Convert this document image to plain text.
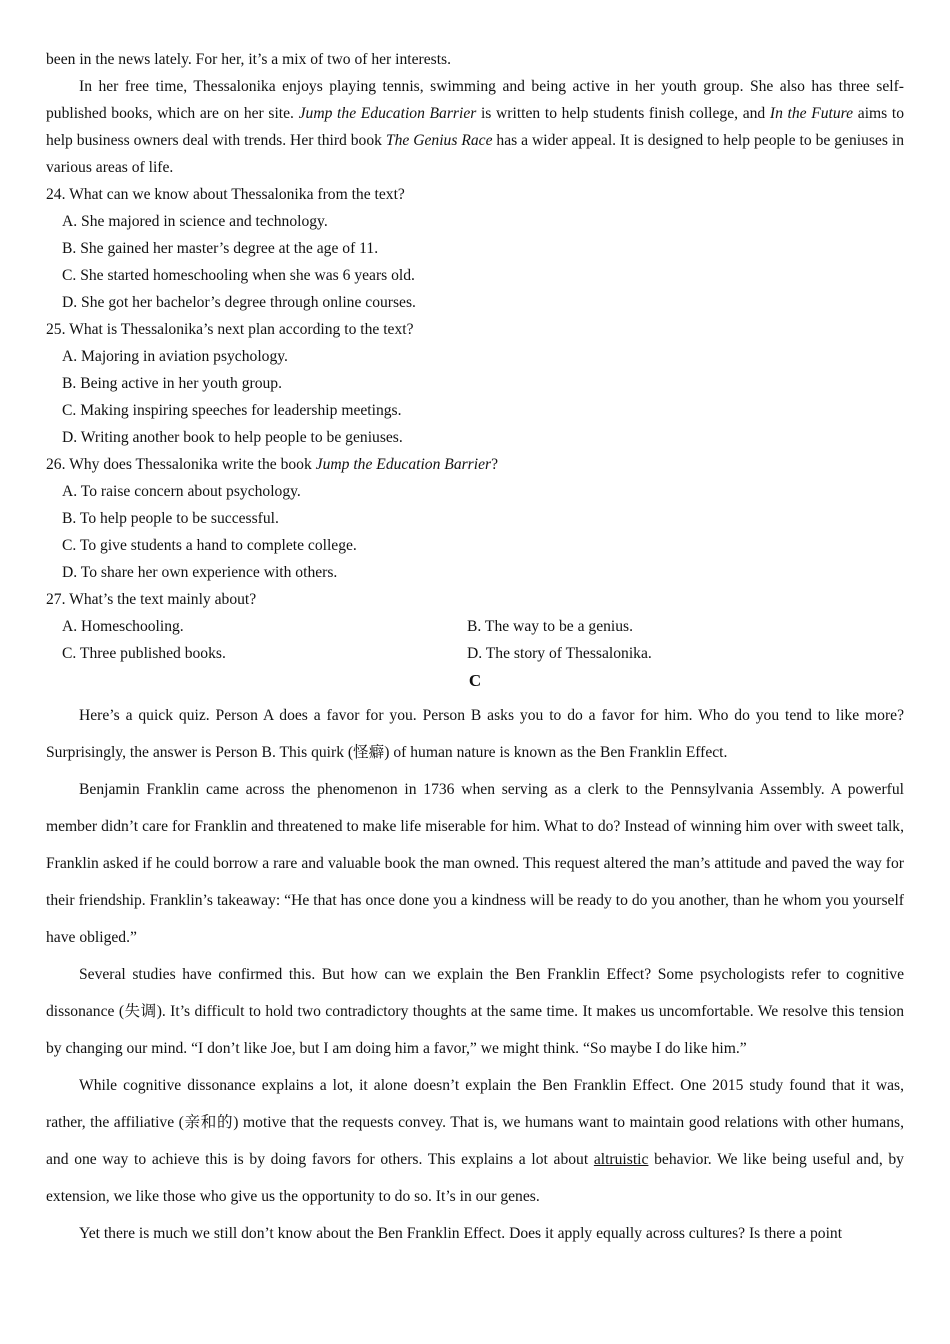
been in the news lately. For her, it’s a mix of two of her interests.

In her free time, Thessalonika enjoys playing tennis, swimming and being active in her youth group. She also has three self-published books, which are on her site. Jump the Education Barrier is written to help students finish college, and In the Future aims to help business owners deal with trends. Her third book The Genius Race has a wider appeal. It is designed to help people to be geniuses in various areas of life.

24. What can we know about Thessalonika from the text?

A. She majored in science and technology.

B. She gained her master’s degree at the age of 11.

C. She started homeschooling when she was 6 years old.

D. She got her bachelor’s degree through online courses.

25. What is Thessalonika’s next plan according to the text?

A. Majoring in aviation psychology.

B. Being active in her youth group.

C. Making inspiring speeches for leadership meetings.

D. Writing another book to help people to be geniuses.

26. Why does Thessalonika write the book Jump the Education Barrier?

A. To raise concern about psychology.

B. To help people to be successful.

C. To give students a hand to complete college.

D. To share her own experience with others.

27. What’s the text mainly about?

A. Homeschooling.	B. The way to be a genius.
C. Three published books.	D. The story of Thessalonika.

C

Here’s a quick quiz. Person A does a favor for you. Person B asks you to do a favor for him. Who do you tend to like more? Surprisingly, the answer is Person B. This quirk (怪癖) of human nature is known as the Ben Franklin Effect.

Benjamin Franklin came across the phenomenon in 1736 when serving as a clerk to the Pennsylvania Assembly. A powerful member didn’t care for Franklin and threatened to make life miserable for him. What to do? Instead of winning him over with sweet talk, Franklin asked if he could borrow a rare and valuable book the man owned. This request altered the man’s attitude and paved the way for their friendship. Franklin’s takeaway: “He that has once done you a kindness will be ready to do you another, than he whom you yourself have obliged.”

Several studies have confirmed this. But how can we explain the Ben Franklin Effect? Some psychologists refer to cognitive dissonance (失调). It’s difficult to hold two contradictory thoughts at the same time. It makes us uncomfortable. We resolve this tension by changing our mind. “I don’t like Joe, but I am doing him a favor,” we might think. “So maybe I do like him.”

While cognitive dissonance explains a lot, it alone doesn’t explain the Ben Franklin Effect. One 2015 study found that it was, rather, the affiliative (亲和的) motive that the requests convey. That is, we humans want to maintain good relations with other humans, and one way to achieve this is by doing favors for others. This explains a lot about altruistic behavior. We like being useful and, by extension, we like those who give us the opportunity to do so. It’s in our genes.

Yet there is much we still don’t know about the Ben Franklin Effect. Does it apply equally across cultures? Is there a point
